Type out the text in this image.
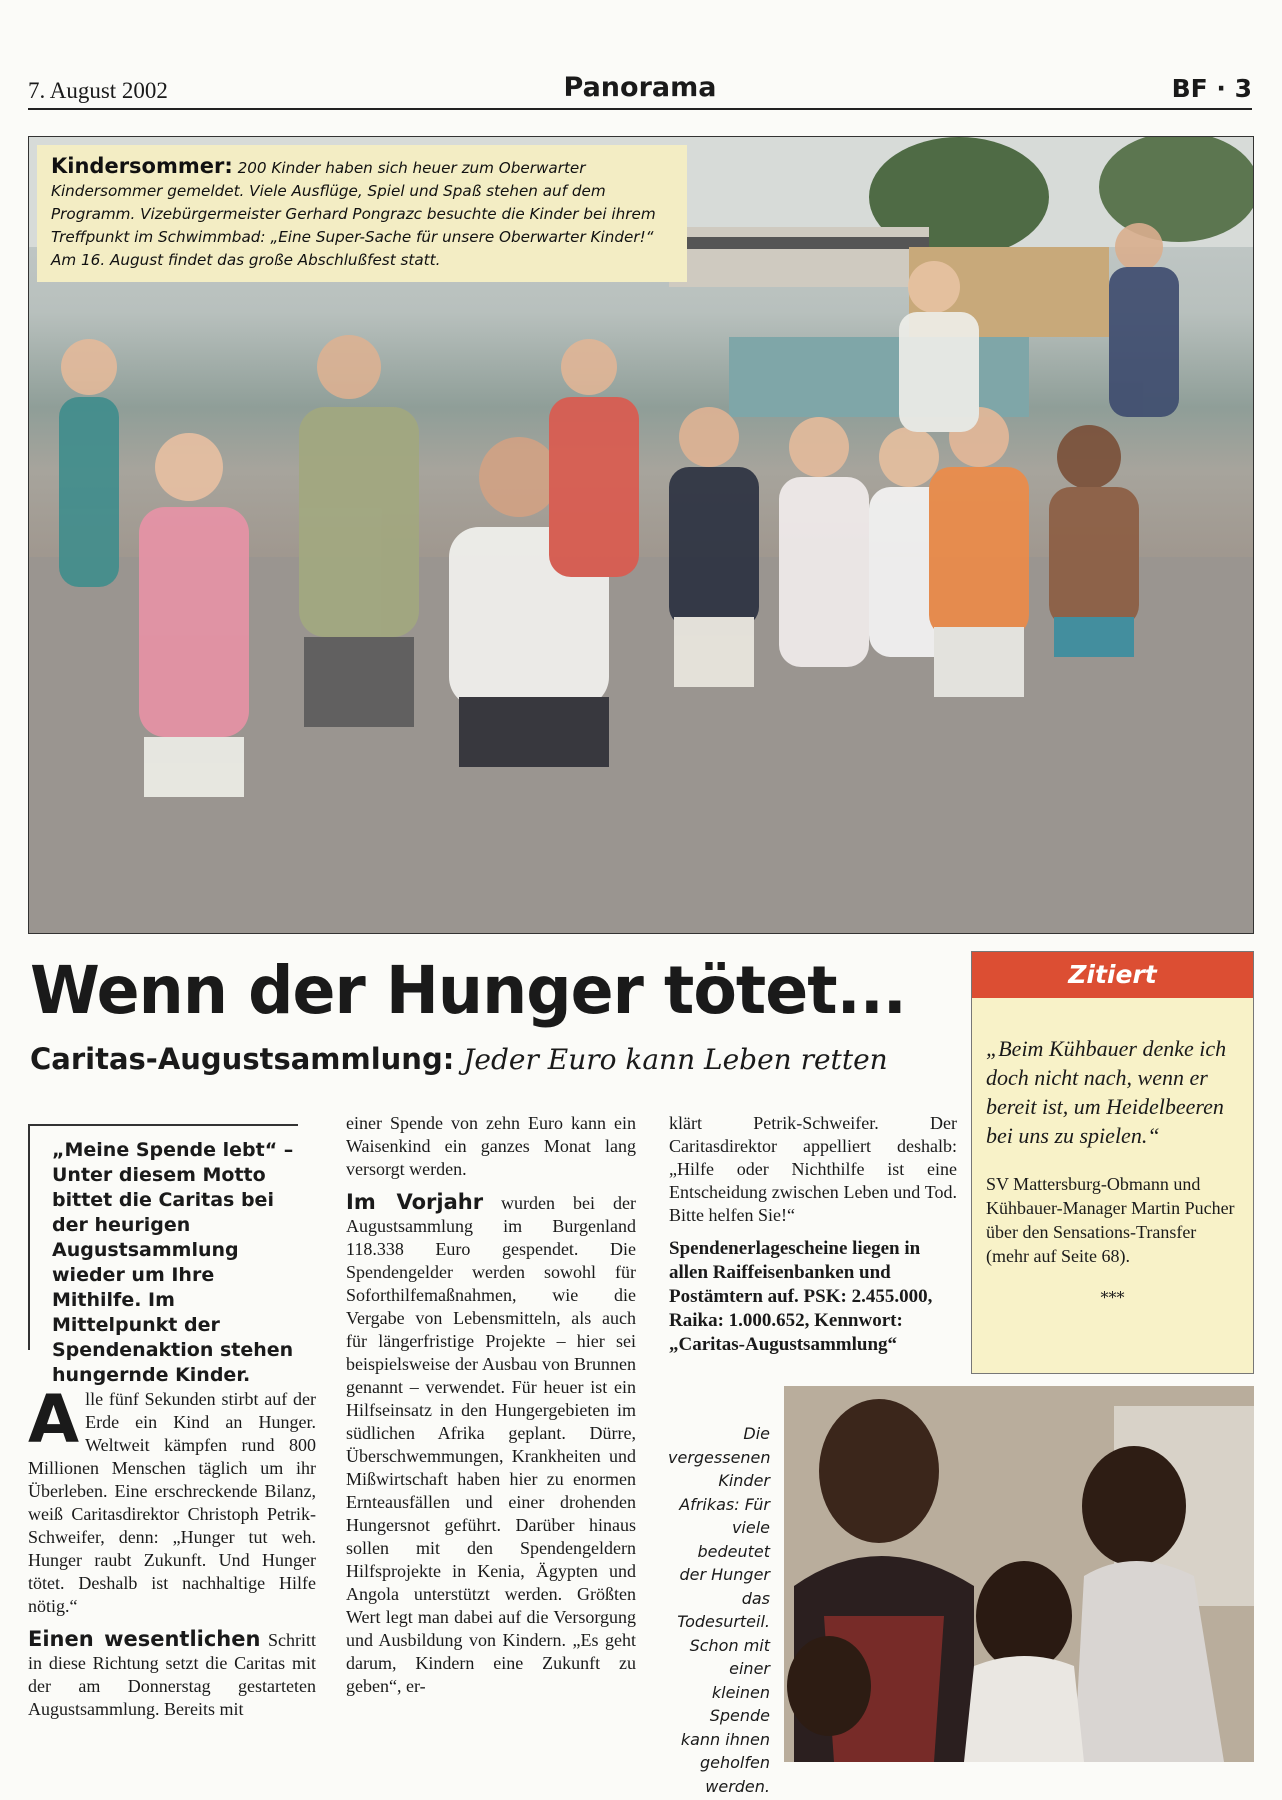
7. August 2002	Panorama	BF · 3
Kindersommer: 200 Kinder haben sich heuer zum Oberwarter Kindersommer gemeldet. Viele Ausflüge, Spiel und Spaß stehen auf dem Programm. Vizebürgermeister Gerhard Pongrazc besuchte die Kinder bei ihrem Treffpunkt im Schwimmbad: „Eine Super-Sache für unsere Oberwarter Kinder!“ Am 16. August findet das große Abschlußfest statt.
Wenn der Hunger tötet...
Caritas-Augustsammlung: Jeder Euro kann Leben retten
„Meine Spende lebt“ – Unter diesem Motto bittet die Caritas bei der heurigen Augustsammlung wieder um Ihre Mithilfe. Im Mittelpunkt der Spendenaktion stehen hungernde Kinder.

Alle fünf Sekunden stirbt auf der Erde ein Kind an Hunger. Weltweit kämpfen rund 800 Millionen Menschen täglich um ihr Überleben. Eine erschreckende Bilanz, weiß Caritasdirektor Christoph Petrik-Schweifer, denn: „Hunger tut weh. Hunger raubt Zukunft. Und Hunger tötet. Deshalb ist nachhaltige Hilfe nötig.“

Einen wesentlichen Schritt in diese Richtung setzt die Caritas mit der am Donnerstag gestarteten Augustsammlung. Bereits mit

einer Spende von zehn Euro kann ein Waisenkind ein ganzes Monat lang versorgt werden.

Im Vorjahr wurden bei der Augustsammlung im Burgenland 118.338 Euro gespendet. Die Spendengelder werden sowohl für Soforthilfemaßnahmen, wie die Vergabe von Lebensmitteln, als auch für längerfristige Projekte – hier sei beispielsweise der Ausbau von Brunnen genannt – verwendet. Für heuer ist ein Hilfseinsatz in den Hungergebieten im südlichen Afrika geplant. Dürre, Überschwemmungen, Krankheiten und Mißwirtschaft haben hier zu enormen Ernteausfällen und einer drohenden Hungersnot geführt. Darüber hinaus sollen mit den Spendengeldern Hilfsprojekte in Kenia, Ägypten und Angola unterstützt werden. Größten Wert legt man dabei auf die Versorgung und Ausbildung von Kindern. „Es geht darum, Kindern eine Zukunft zu geben“, er-

klärt Petrik-Schweifer. Der Caritasdirektor appelliert deshalb: „Hilfe oder Nichthilfe ist eine Entscheidung zwischen Leben und Tod. Bitte helfen Sie!“

Spendenerlagescheine liegen in allen Raiffeisenbanken und Postämtern auf. PSK: 2.455.000, Raika: 1.000.652, Kennwort: „Caritas-Augustsammlung“

Zitiert
„Beim Kühbauer denke ich doch nicht nach, wenn er bereit ist, um Heidelbeeren bei uns zu spielen.“
SV Mattersburg-Obmann und Kühbauer-Manager Martin Pucher über den Sensations-Transfer (mehr auf Seite 68).
***
Die vergessenen Kinder Afrikas: Für viele bedeutet der Hunger das Todesurteil. Schon mit einer kleinen Spende kann ihnen geholfen werden.
